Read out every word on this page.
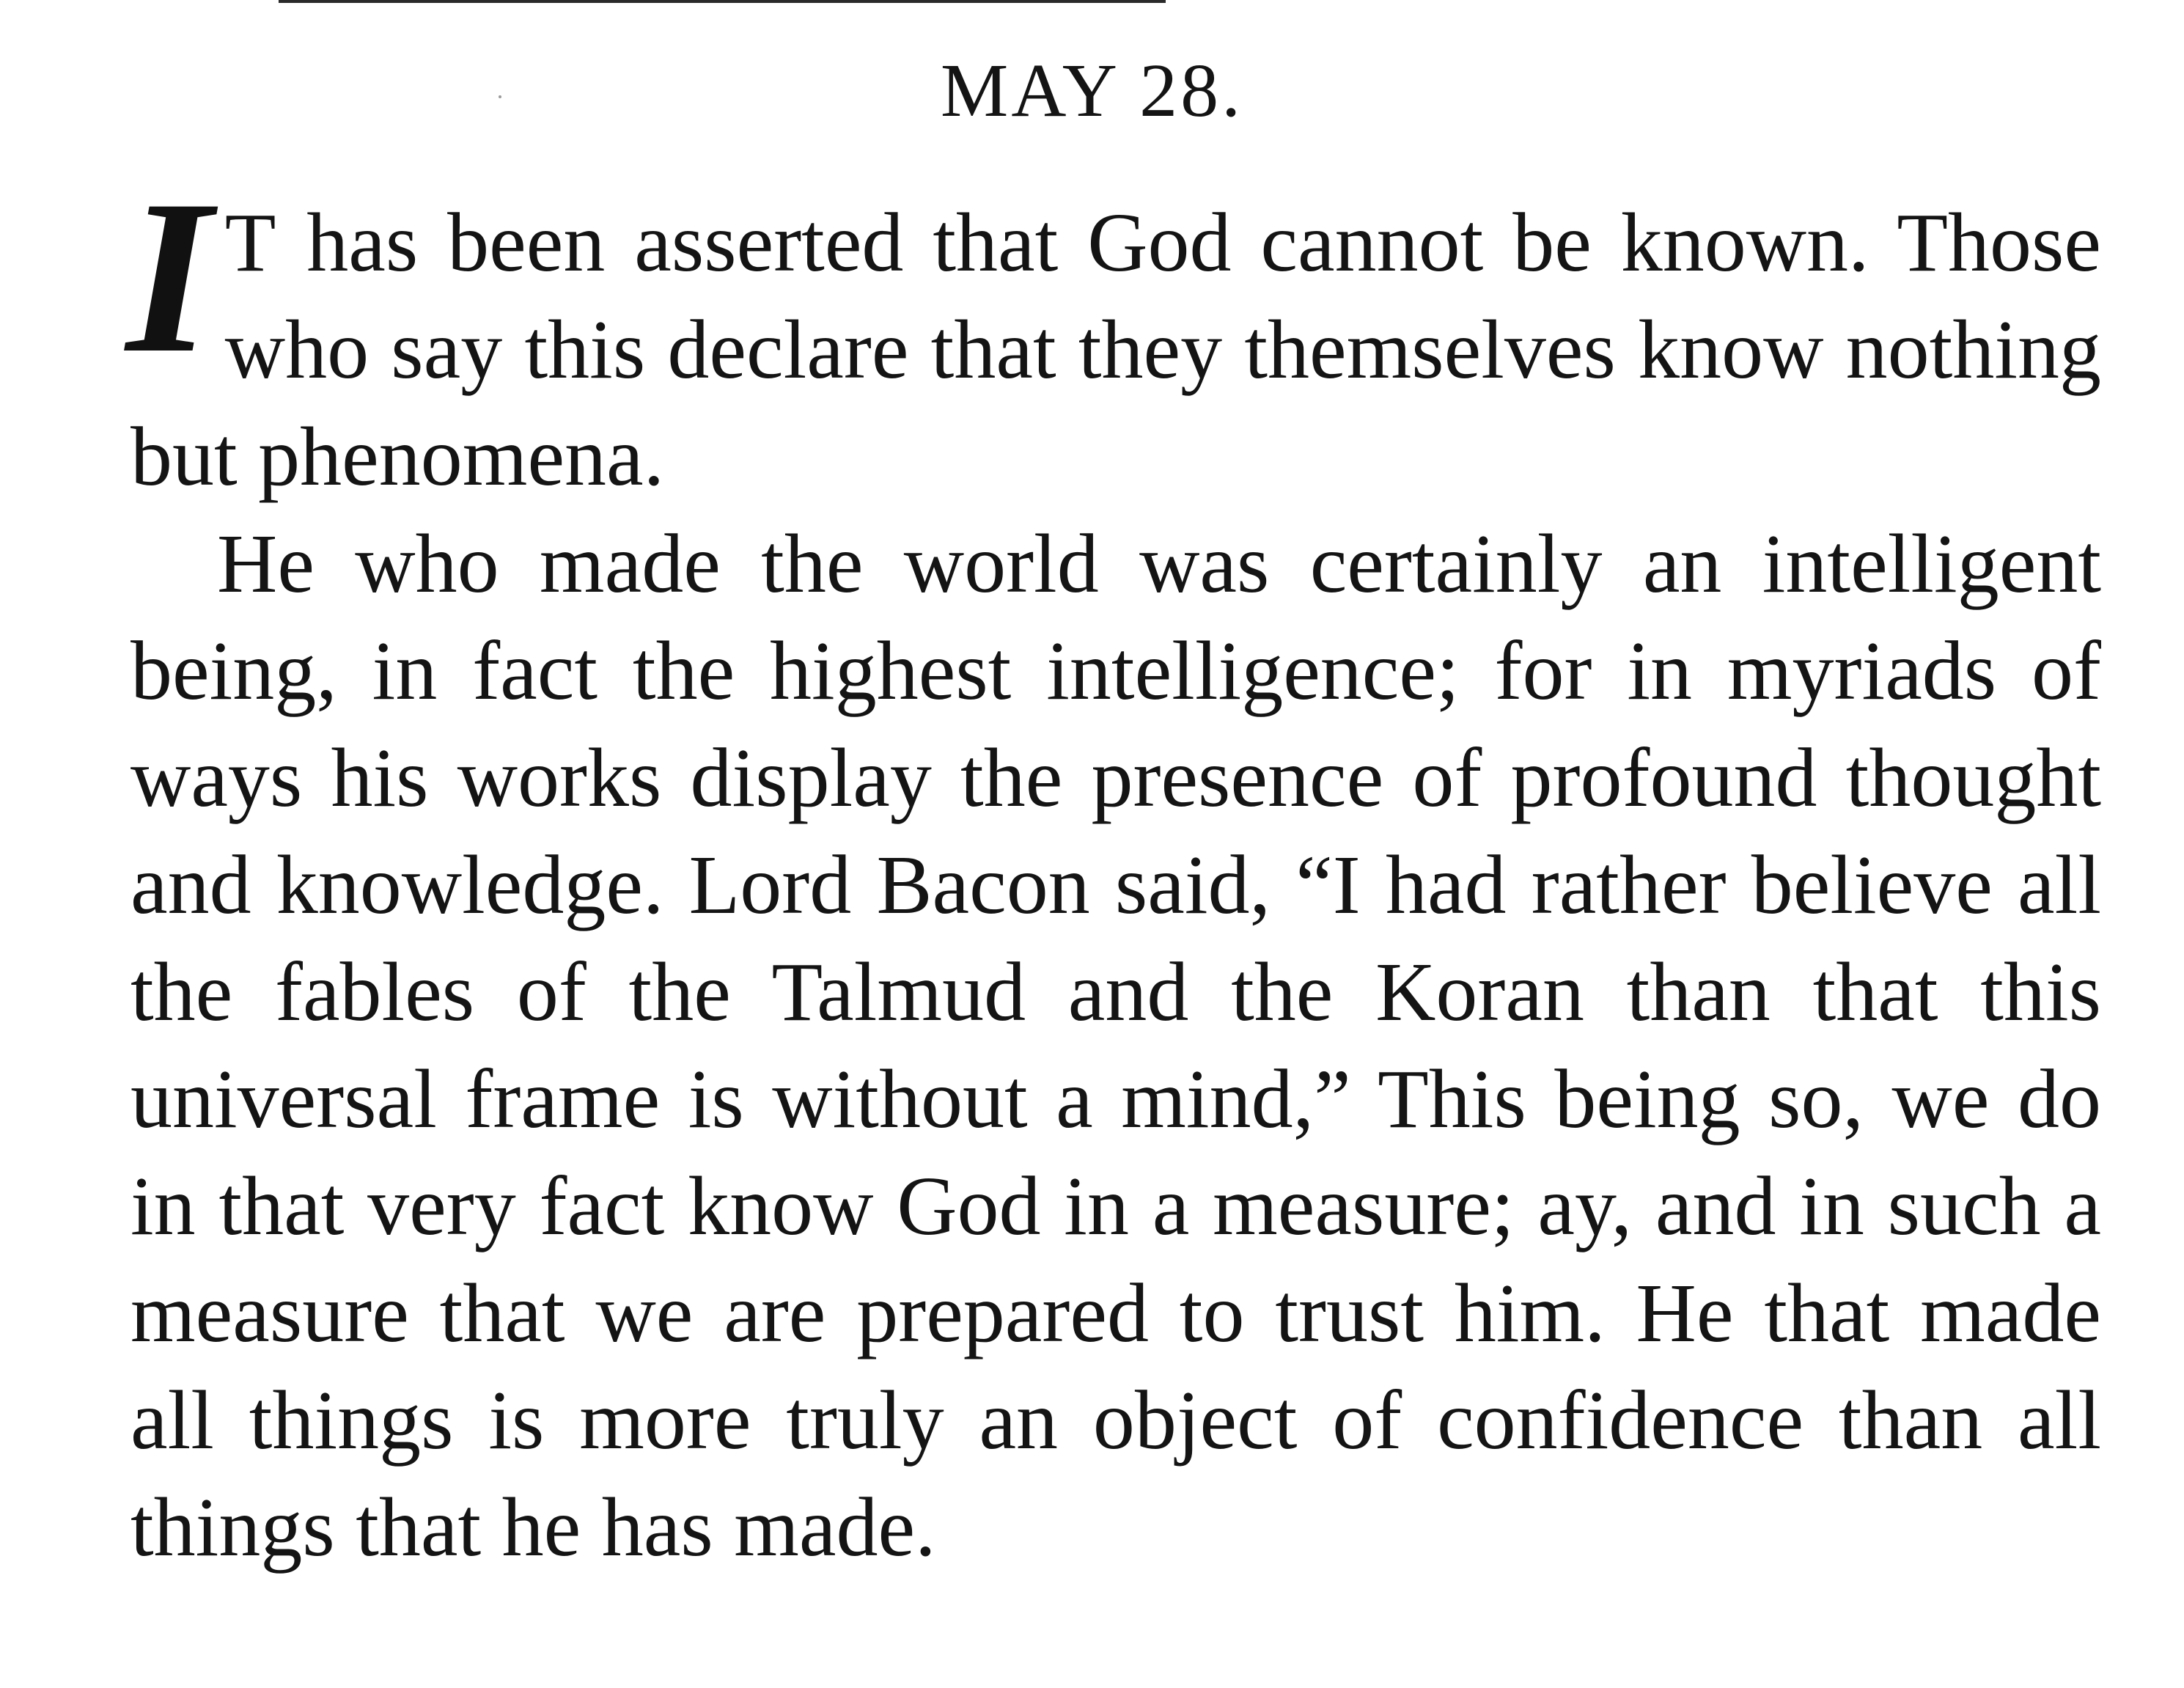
MAY 28.

I T has been asserted that God cannot be known. Those who say this declare that they themselves know nothing but phenomena.

He who made the world was certainly an intelligent being, in fact the highest intelligence; for in myriads of ways his works display the presence of profound thought and knowledge. Lord Bacon said, “I had rather believe all the fables of the Talmud and the Koran than that this universal frame is without a mind,” This being so, we do in that very fact know God in a measure; ay, and in such a measure that we are prepared to trust him. He that made all things is more truly an object of confidence than all things that he has made.
